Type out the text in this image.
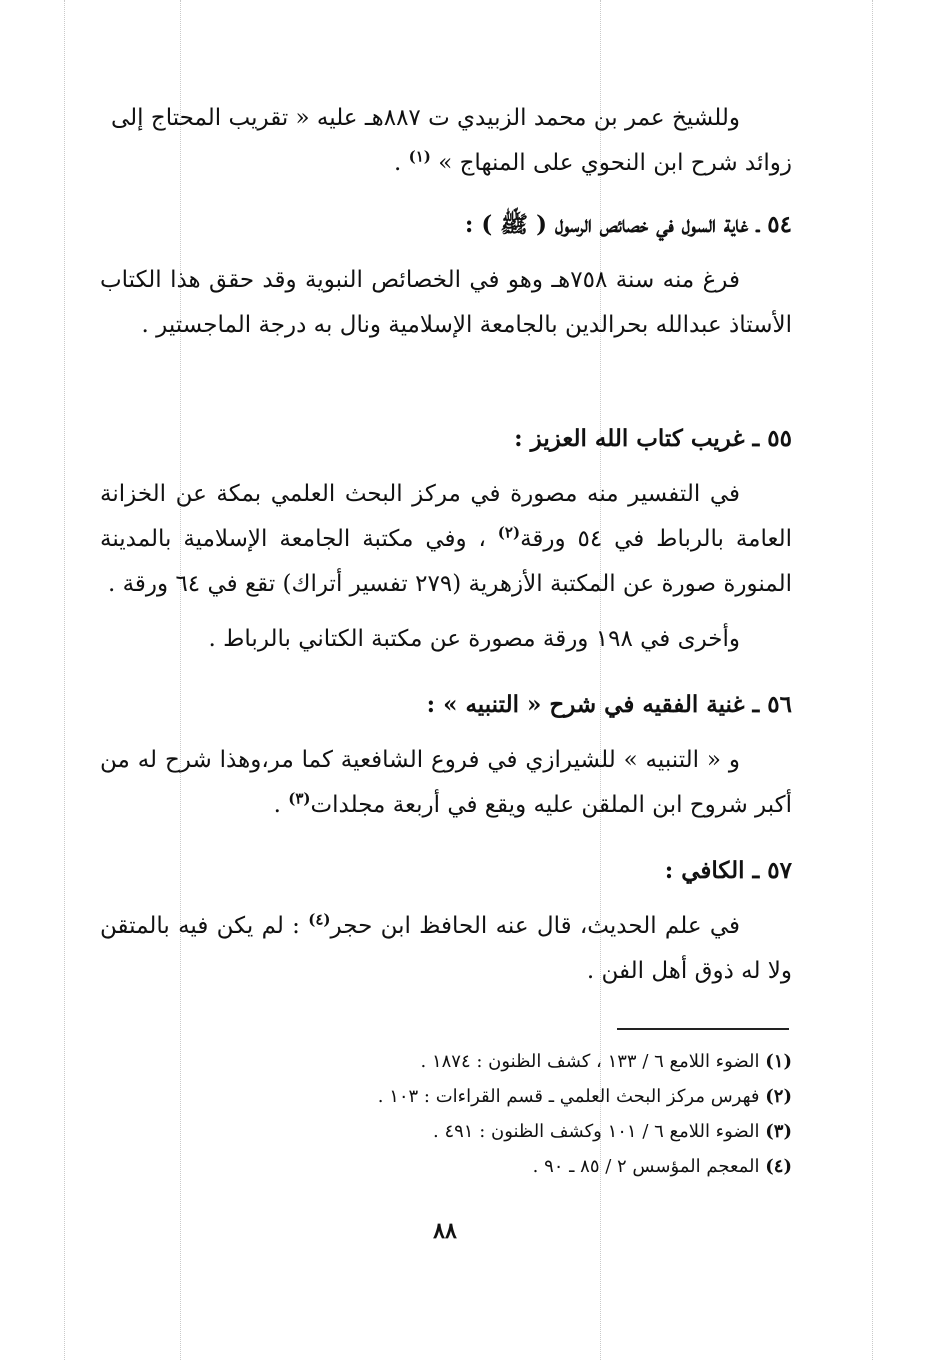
وللشيخ عمر بن محمد الزبيدي ت ٨٨٧هـ عليه « تقريب المحتاج إلى
زوائد شرح ابن النحوي على المنهاج » $^{(١)}$ .
٥٤ ـ غاية السول في خصائص الرسول ( ﷺ ) :
فرغ منه سنة ٧٥٨هـ وهو في الخصائص النبوية وقد حقق هذا الكتاب الأستاذ عبدالله بحرالدين بالجامعة الإسلامية ونال به درجة الماجستير .
٥٥ ـ غريب كتاب الله العزيز :
في التفسير منه مصورة في مركز البحث العلمي بمكة عن الخزانة العامة بالرباط في ٥٤ ورقة$^{(٢)}$ ، وفي مكتبة الجامعة الإسلامية بالمدينة المنورة صورة عن المكتبة الأزهرية (٢٧٩ تفسير أتراك) تقع في ٦٤ ورقة .
وأخرى في ١٩٨ ورقة مصورة عن مكتبة الكتاني بالرباط .
٥٦ ـ غنية الفقيه في شرح « التنبيه » :
و « التنبيه » للشيرازي في فروع الشافعية كما مر،وهذا شرح له من أكبر شروح ابن الملقن عليه ويقع في أربعة مجلدات$^{(٣)}$ .
٥٧ ـ الكافي :
في علم الحديث، قال عنه الحافظ ابن حجر$^{(٤)}$ : لم يكن فيه بالمتقن ولا له ذوق أهل الفن .
(١) الضوء اللامع ٦ / ١٣٣ ، كشف الظنون : ١٨٧٤ .
(٢) فهرس مركز البحث العلمي ـ قسم القراءات : ١٠٣ .
(٣) الضوء اللامع ٦ / ١٠١ وكشف الظنون : ٤٩١ .
(٤) المعجم المؤسس ٢ / ٨٥ ـ ٩٠ .
٨٨
